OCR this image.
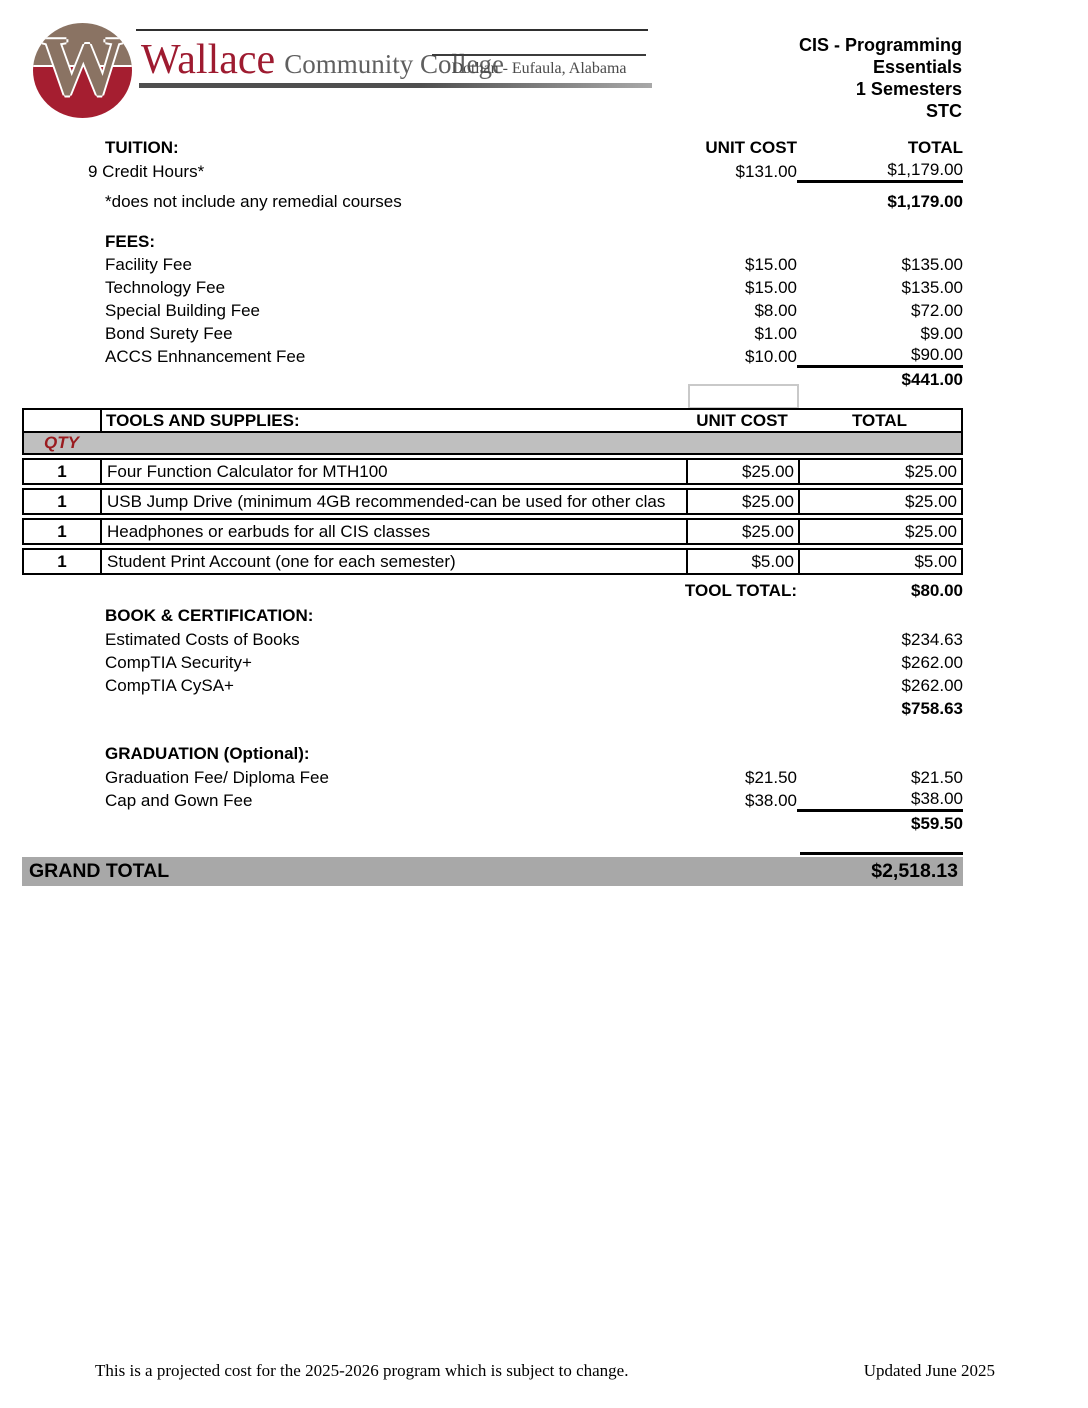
W Wallace Community College
Dothan - Eufaula, Alabama
CIS - Programming
Essentials
1 Semesters
STC
TUITION:	UNIT COST	TOTAL
9 Credit Hours*	$131.00	$1,179.00
*does not include any remedial courses	$1,179.00
FEES:
Facility Fee	$15.00	$135.00
Technology Fee	$15.00	$135.00
Special Building Fee	$8.00	$72.00
Bond Surety Fee	$1.00	$9.00
ACCS Enhnancement Fee	$10.00	$90.00
$441.00
TOOLS AND SUPPLIES:	UNIT COST	TOTAL
QTY
1	Four Function Calculator for MTH100	$25.00	$25.00
1	USB Jump Drive (minimum 4GB recommended-can be used for other clas	$25.00	$25.00
1	Headphones or earbuds for all CIS classes	$25.00	$25.00
1	Student Print Account (one for each semester)	$5.00	$5.00
TOOL TOTAL:	$80.00
BOOK & CERTIFICATION:
Estimated Costs of Books	$234.63
CompTIA Security+	$262.00
CompTIA CySA+	$262.00
$758.63
GRADUATION (Optional):
Graduation Fee/ Diploma Fee	$21.50	$21.50
Cap and Gown Fee	$38.00	$38.00
$59.50
GRAND TOTAL	$2,518.13
This is a projected cost for the 2025-2026 program which is subject to change.	Updated June 2025
